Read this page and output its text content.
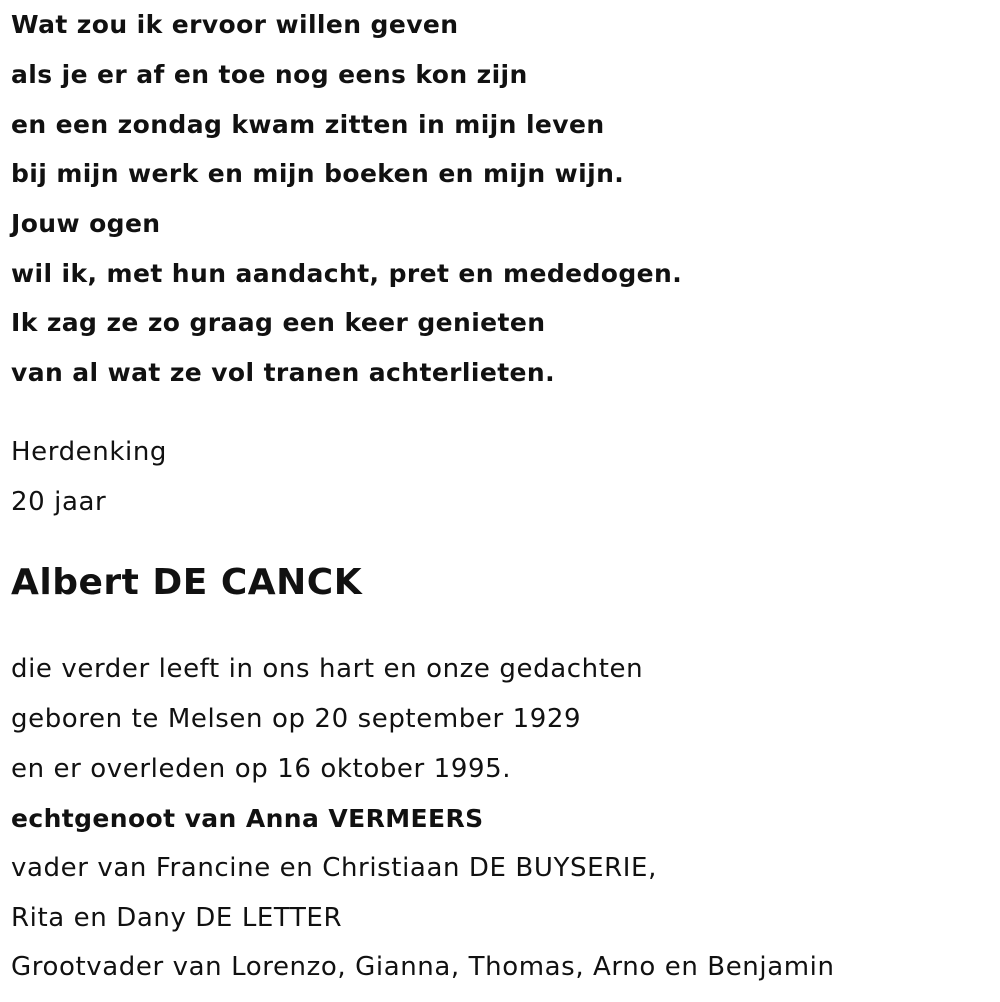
Wat zou ik ervoor willen geven
als je er af en toe nog eens kon zijn
en een zondag kwam zitten in mijn leven
bij mijn werk en mijn boeken en mijn wijn.
Jouw ogen
wil ik, met hun aandacht, pret en mededogen.
Ik zag ze zo graag een keer genieten
van al wat ze vol tranen achterlieten.
Herdenking
20 jaar
Albert DE CANCK
die verder leeft in ons hart en onze gedachten
geboren te Melsen op 20 september 1929
en er overleden op 16 oktober 1995.
echtgenoot van Anna VERMEERS
vader van Francine en Christiaan DE BUYSERIE,
Rita en Dany DE LETTER
Grootvader van Lorenzo, Gianna, Thomas, Arno en Benjamin
